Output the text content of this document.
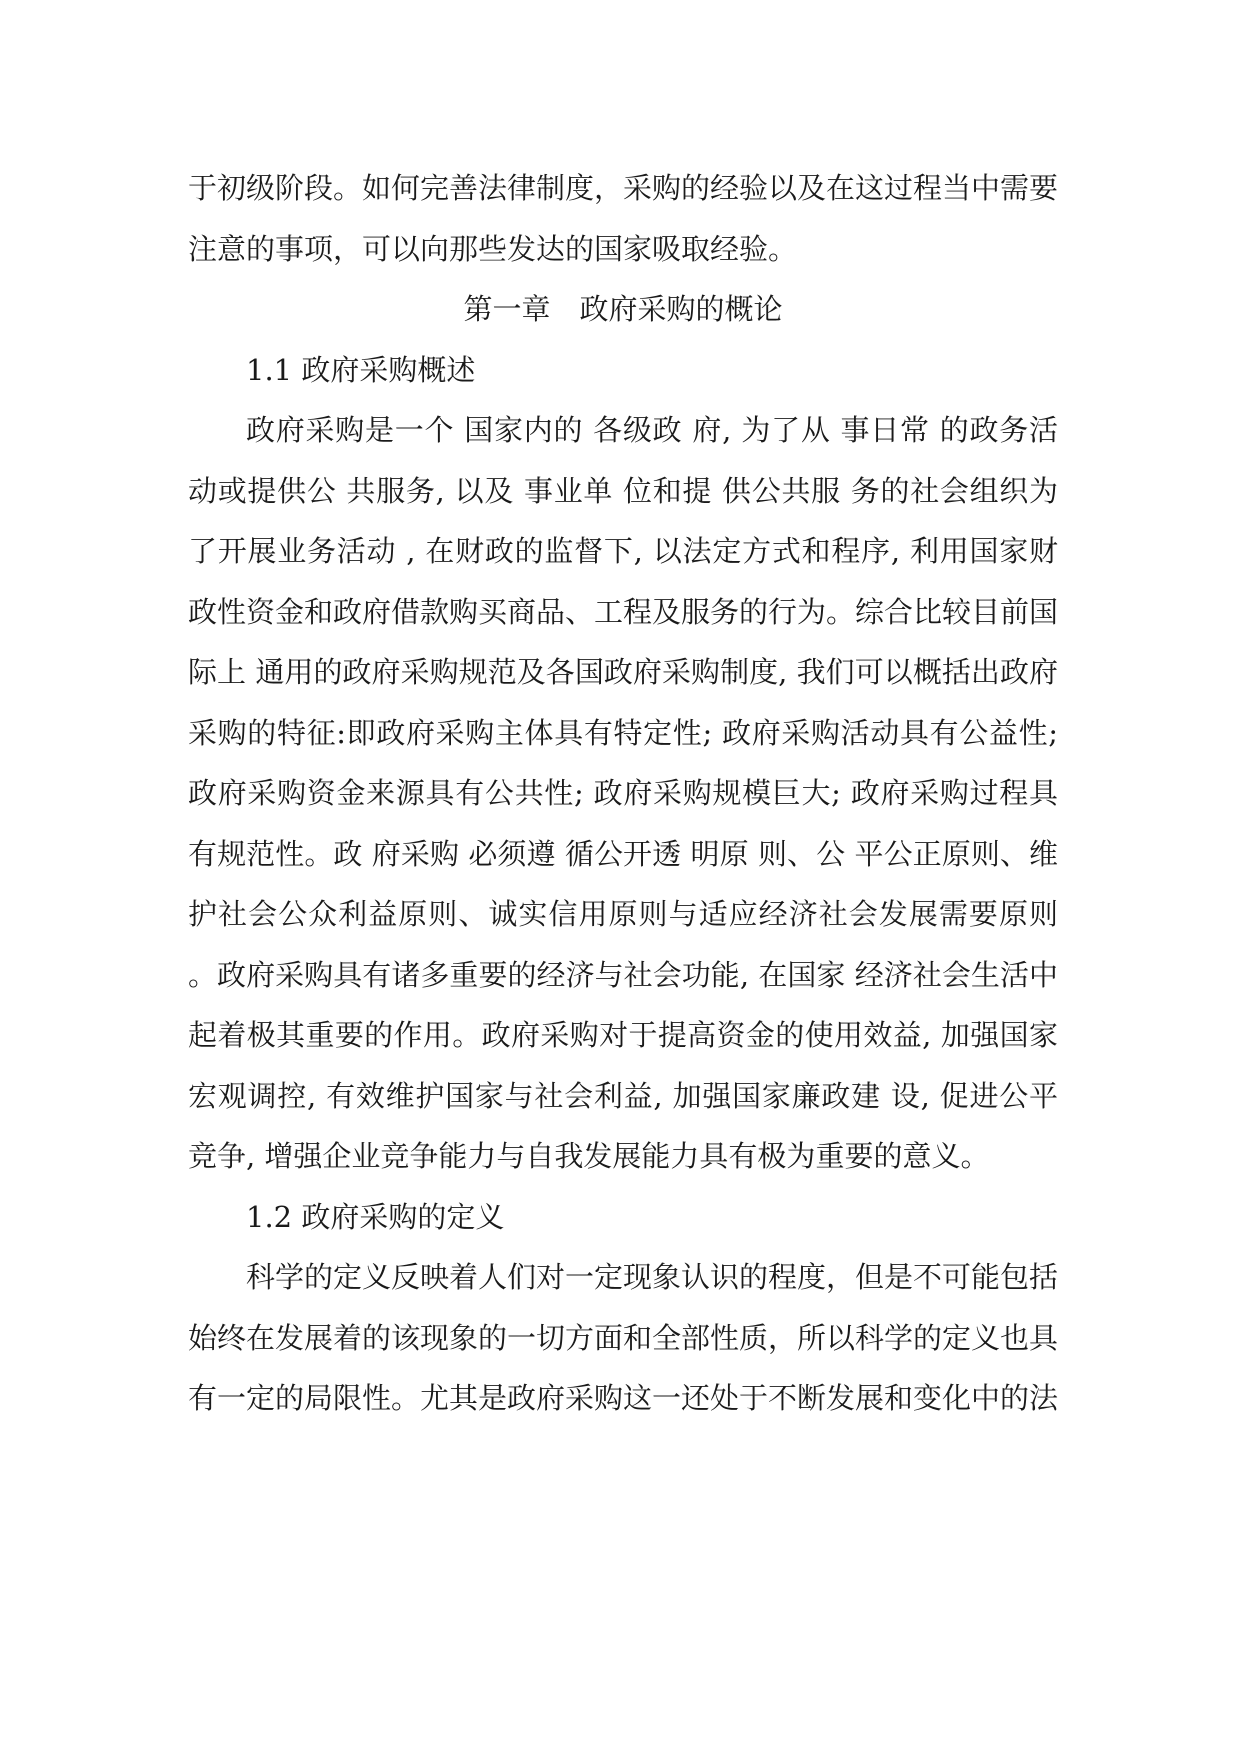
于初级阶段。如何完善法律制度，采购的经验以及在这过程当中需要注意的事项，可以向那些发达的国家吸取经验。

第一章　政府采购的概论

1.1 政府采购概述

政府采购是一个 国家内的 各级政 府, 为了从 事日常 的政务活动或提供公 共服务, 以及 事业单 位和提 供公共服 务的社会组织为了开展业务活动 , 在财政的监督下, 以法定方式和程序, 利用国家财政性资金和政府借款购买商品、工程及服务的行为。综合比较目前国际上 通用的政府采购规范及各国政府采购制度, 我们可以概括出政府采购的特征:即政府采购主体具有特定性; 政府采购活动具有公益性; 政府采购资金来源具有公共性; 政府采购规模巨大; 政府采购过程具有规范性。政 府采购 必须遵 循公开透 明原 则、公 平公正原则、维护社会公众利益原则、诚实信用原则与适应经济社会发展需要原则 。政府采购具有诸多重要的经济与社会功能, 在国家 经济社会生活中起着极其重要的作用。政府采购对于提高资金的使用效益, 加强国家宏观调控, 有效维护国家与社会利益, 加强国家廉政建 设, 促进公平竞争, 增强企业竞争能力与自我发展能力具有极为重要的意义。

1.2 政府采购的定义

科学的定义反映着人们对一定现象认识的程度，但是不可能包括始终在发展着的该现象的一切方面和全部性质，所以科学的定义也具有一定的局限性。尤其是政府采购这一还处于不断发展和变化中的法
